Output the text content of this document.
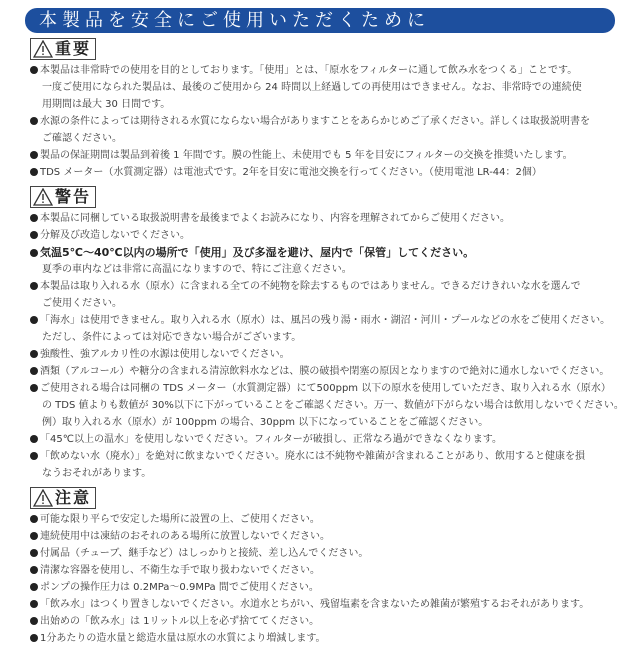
本製品を安全にご使用いただくために
重要
本製品は非常時での使用を目的としております。「使用」とは、「原水をフィルターに通して飲み水をつくる」ことです。
一度ご使用になられた製品は、最後のご使用から 24 時間以上経過しての再使用はできません。なお、非常時での連続使
用期間は最大 30 日間です。
水源の条件によっては期待される水質にならない場合がありますことをあらかじめご了承ください。詳しくは取扱説明書を
ご確認ください。
製品の保証期間は製品到着後 1 年間です。膜の性能上、未使用でも 5 年を目安にフィルターの交換を推奨いたします。
TDS メーター（水質測定器）は電池式です。2年を目安に電池交換を行ってください。（使用電池 LR-44：2個）
警告
本製品に同梱している取扱説明書を最後までよくお読みになり、内容を理解されてからご使用ください。
分解及び改造しないでください。
気温5℃〜40℃以内の場所で「使用」及び多湿を避け、屋内で「保管」してください。
夏季の車内などは非常に高温になりますので、特にご注意ください。
本製品は取り入れる水（原水）に含まれる全ての不純物を除去するものではありません。できるだけきれいな水を選んで
ご使用ください。
「海水」は使用できません。取り入れる水（原水）は、風呂の残り湯・雨水・湖沼・河川・プールなどの水をご使用ください。
ただし、条件によっては対応できない場合がございます。
強酸性、強アルカリ性の水源は使用しないでください。
酒類（アルコール）や糖分の含まれる清涼飲料水などは、膜の破損や閉塞の原因となりますので絶対に通水しないでください。
ご使用される場合は同梱の TDS メーター（水質測定器）にて500ppm 以下の原水を使用していただき、取り入れる水（原水）
の TDS 値よりも数値が 30%以下に下がっていることをご確認ください。万一、数値が下がらない場合は飲用しないでください。
例）取り入れる水（原水）が 100ppm の場合、30ppm 以下になっていることをご確認ください。
「45℃以上の温水」を使用しないでください。フィルターが破損し、正常なろ過ができなくなります。
「飲めない水（廃水）」を絶対に飲まないでください。廃水には不純物や雑菌が含まれることがあり、飲用すると健康を損
なうおそれがあります。
注意
可能な限り平らで安定した場所に設置の上、ご使用ください。
連続使用中は凍結のおそれのある場所に放置しないでください。
付属品（チューブ、継手など）はしっかりと接続、差し込んでください。
清潔な容器を使用し、不衛生な手で取り扱わないでください。
ポンプの操作圧力は 0.2MPa〜0.9MPa 間でご使用ください。
「飲み水」はつくり置きしないでください。水道水とちがい、残留塩素を含まないため雑菌が繁殖するおそれがあります。
出始めの「飲み水」は 1リットル以上を必ず捨ててください。
1分あたりの造水量と総造水量は原水の水質により増減します。
